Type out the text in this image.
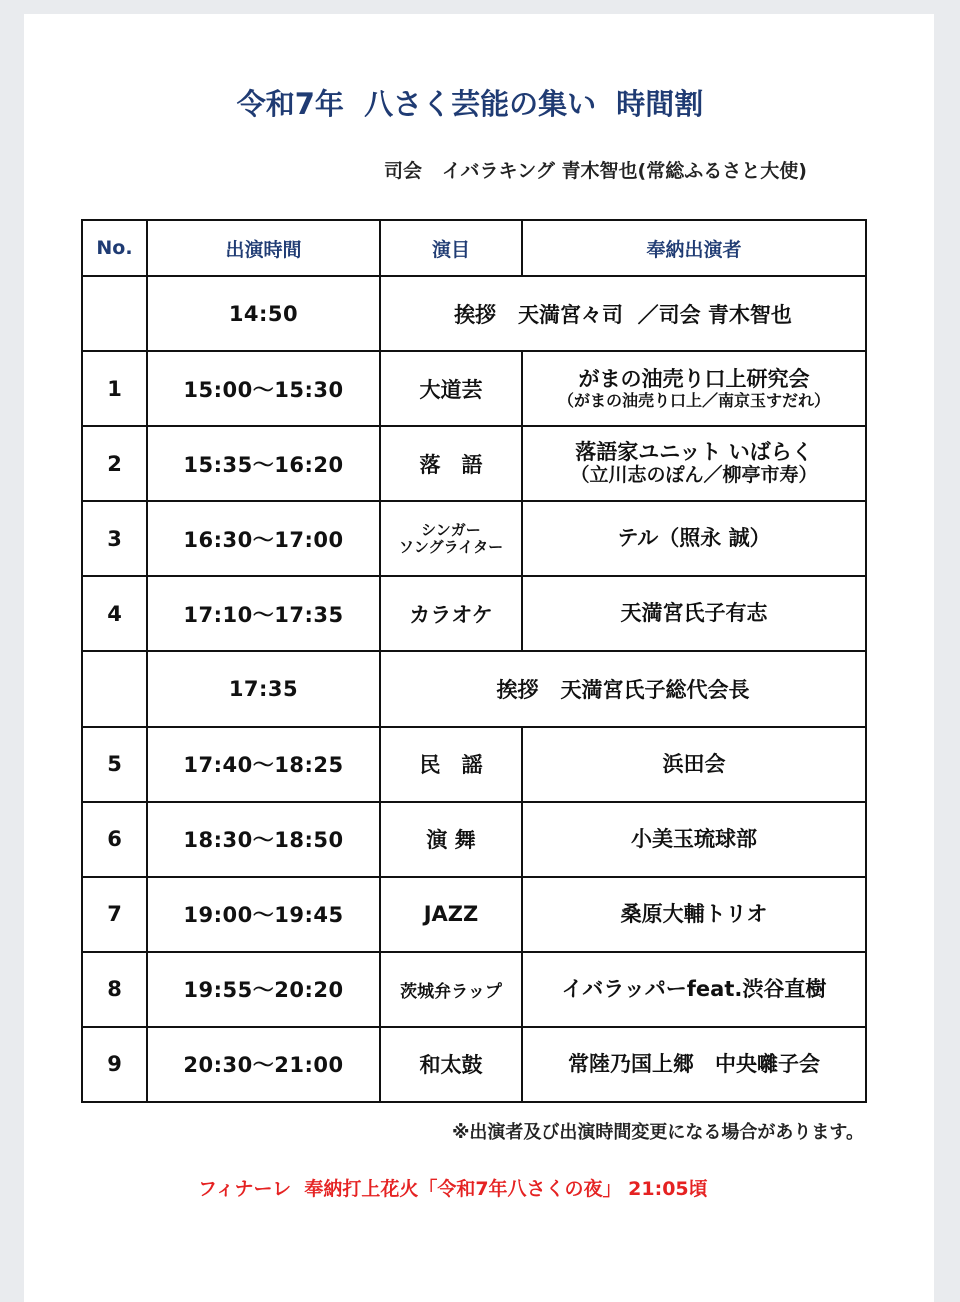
令和7年  八さく芸能の集い  時間割
司会   イバラキング 青木智也(常総ふるさと大使)
No.	出演時間	演目	奉納出演者
	14:50	挨拶   天満宮々司  ／司会 青木智也	
1	15:00～15:30	大道芸	がまの油売り口上研究会
（がまの油売り口上／南京玉すだれ）

2	15:35～16:20	落　語	落語家ユニット いばらく
（立川志のぽん／柳亭市寿）

3	16:30～17:00	シンガー
ソングライター	テル（照永 誠）
4	17:10～17:35	カラオケ	天満宮氏子有志
	17:35	挨拶   天満宮氏子総代会長	
5	17:40～18:25	民　謡	浜田会
6	18:30～18:50	演 舞	小美玉琉球部
7	19:00～19:45	JAZZ	桑原大輔トリオ
8	19:55～20:20	茨城弁ラップ	イバラッパーfeat.渋谷直樹
9	20:30～21:00	和太鼓	常陸乃国上郷　中央囃子会
※出演者及び出演時間変更になる場合があります。
フィナーレ  奉納打上花火「令和7年八さくの夜」 21:05頃
